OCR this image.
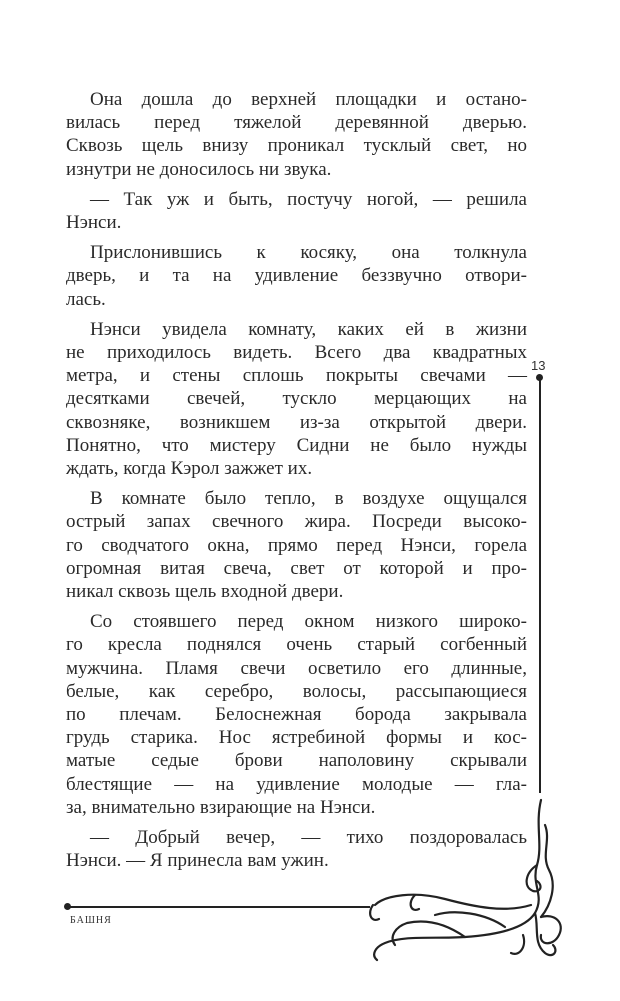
Она дошла до верхней площадки и остано-
вилась перед тяжелой деревянной дверью.
Сквозь щель внизу проникал тусклый свет, но
изнутри не доносилось ни звука.
— Так уж и быть, постучу ногой, — решила
Нэнси.
Прислонившись к косяку, она толкнула
дверь, и та на удивление беззвучно отвори-
лась.
Нэнси увидела комнату, каких ей в жизни
не приходилось видеть. Всего два квадратных
метра, и стены сплошь покрыты свечами —
десятками свечей, тускло мерцающих на
сквозняке, возникшем из-за открытой двери.
Понятно, что мистеру Сидни не было нужды
ждать, когда Кэрол зажжет их.
В комнате было тепло, в воздухе ощущался
острый запах свечного жира. Посреди высоко-
го сводчатого окна, прямо перед Нэнси, горела
огромная витая свеча, свет от которой и про-
никал сквозь щель входной двери.
Со стоявшего перед окном низкого широко-
го кресла поднялся очень старый согбенный
мужчина. Пламя свечи осветило его длинные,
белые, как серебро, волосы, рассыпающиеся
по плечам. Белоснежная борода закрывала
грудь старика. Нос ястребиной формы и кос-
матые седые брови наполовину скрывали
блестящие — на удивление молодые — гла-
за, внимательно взирающие на Нэнси.
— Добрый вечер, — тихо поздоровалась
Нэнси. — Я принесла вам ужин.
13
БАШНЯ
